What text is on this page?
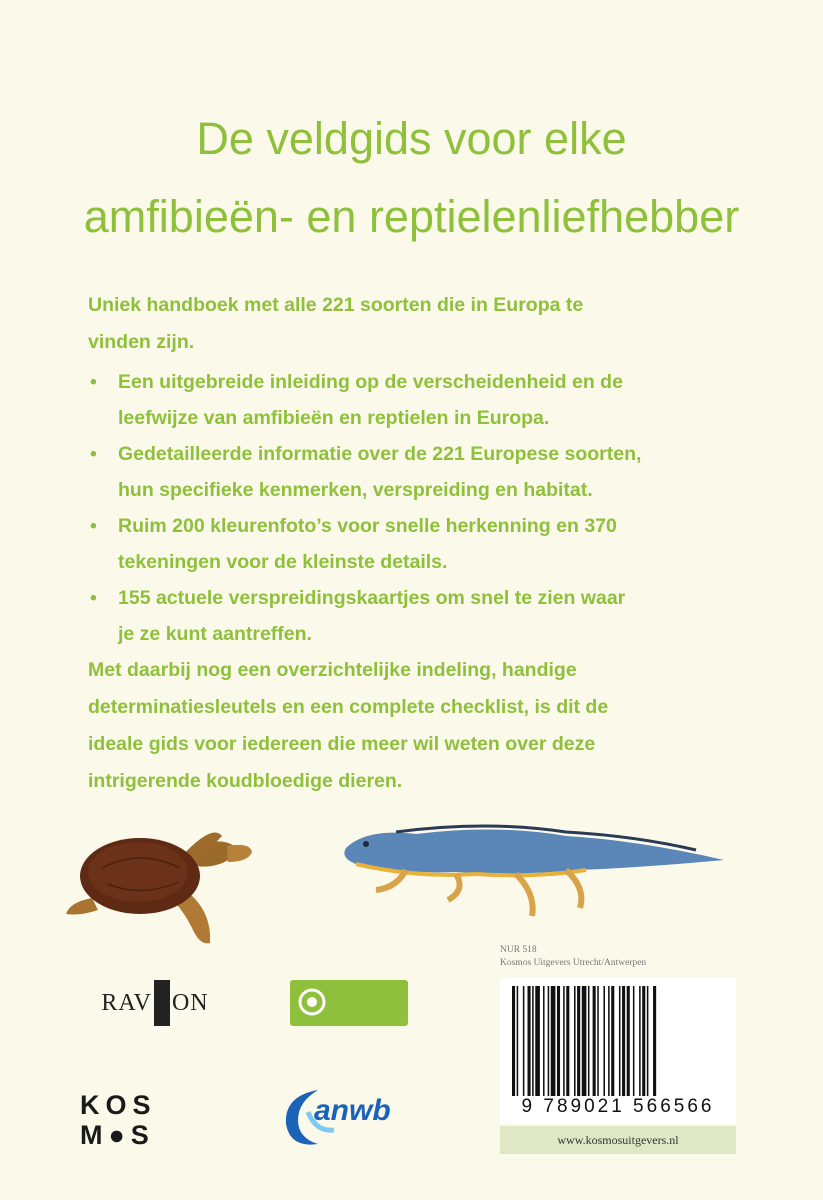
De veldgids voor elke
amfibieën- en reptielenliefhebber
Uniek handboek met alle 221 soorten die in Europa te
vinden zijn.
• Een uitgebreide inleiding op de verscheidenheid en de
leefwijze van amfibieën en reptielen in Europa.
• Gedetailleerde informatie over de 221 Europese soorten,
hun specifieke kenmerken, verspreiding en habitat.
• Ruim 200 kleurenfoto’s voor snelle herkenning en 370
tekeningen voor de kleinste details.
• 155 actuele verspreidingskaartjes om snel te zien waar
je ze kunt aantreffen.
Met daarbij nog een overzichtelijke indeling, handige
determinatiesleutels en een complete checklist, is dit de
ideale gids voor iedereen die meer wil weten over deze
intrigerende koudbloedige dieren.
NUR 518
Kosmos Uitgevers Utrecht/Antwerpen
RAV ON
9 789021 566566
www.kosmosuitgevers.nl
KOS
M●S
anwb
